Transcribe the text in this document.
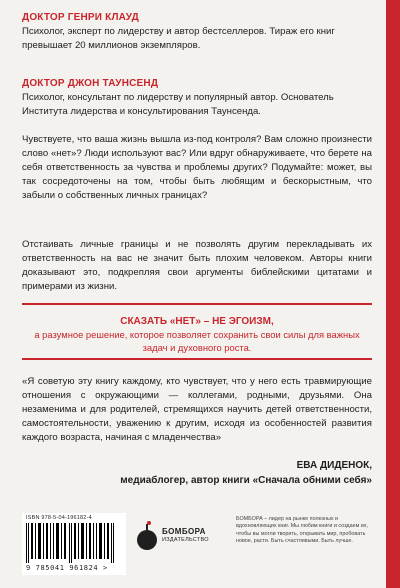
ДОКТОР ГЕНРИ КЛАУД
Психолог, эксперт по лидерству и автор бестселлеров. Тираж его книг превышает 20 миллионов экземпляров.
ДОКТОР ДЖОН ТАУНСЕНД
Психолог, консультант по лидерству и популярный автор. Основатель Института лидерства и консультирования Таунсенда.
Чувствуете, что ваша жизнь вышла из-под контроля? Вам сложно произнести слово «нет»? Люди используют вас? Или вдруг обнаруживаете, что берете на себя ответственность за чувства и проблемы других? Подумайте: может, вы так сосредоточены на том, чтобы быть любящим и бескорыстным, что забыли о собственных личных границах?
Отстаивать личные границы и не позволять другим перекладывать их ответственность на вас не значит быть плохим человеком. Авторы книги доказывают это, подкрепляя свои аргументы библейскими цитатами и примерами из жизни.
СКАЗАТЬ «НЕТ» – НЕ ЭГОИЗМ,
а разумное решение, которое позволяет сохранить свои силы для важных задач и духовного роста.
«Я советую эту книгу каждому, кто чувствует, что у него есть травмирующие отношения с окружающими — коллегами, родными, друзьями. Она незаменима и для родителей, стремящихся научить детей ответственности, самостоятельности, уважению к другим, исходя из особенностей развития каждого возраста, начиная с младенчества»
ЕВА ДИДЕНОК,
медиаблогер, автор книги «Сначала обними себя»
ISBN 978-5-04-196182-4
9 785041 961824 >
БОМБОРА
ИЗДАТЕЛЬСТВО
БОМБОРА – лидер на рынке полезных и вдохновляющих книг. Мы любим книги и создаем их, чтобы вы могли творить, открывать мир, пробовать новое, расти. Быть счастливыми. Быть лучше.
